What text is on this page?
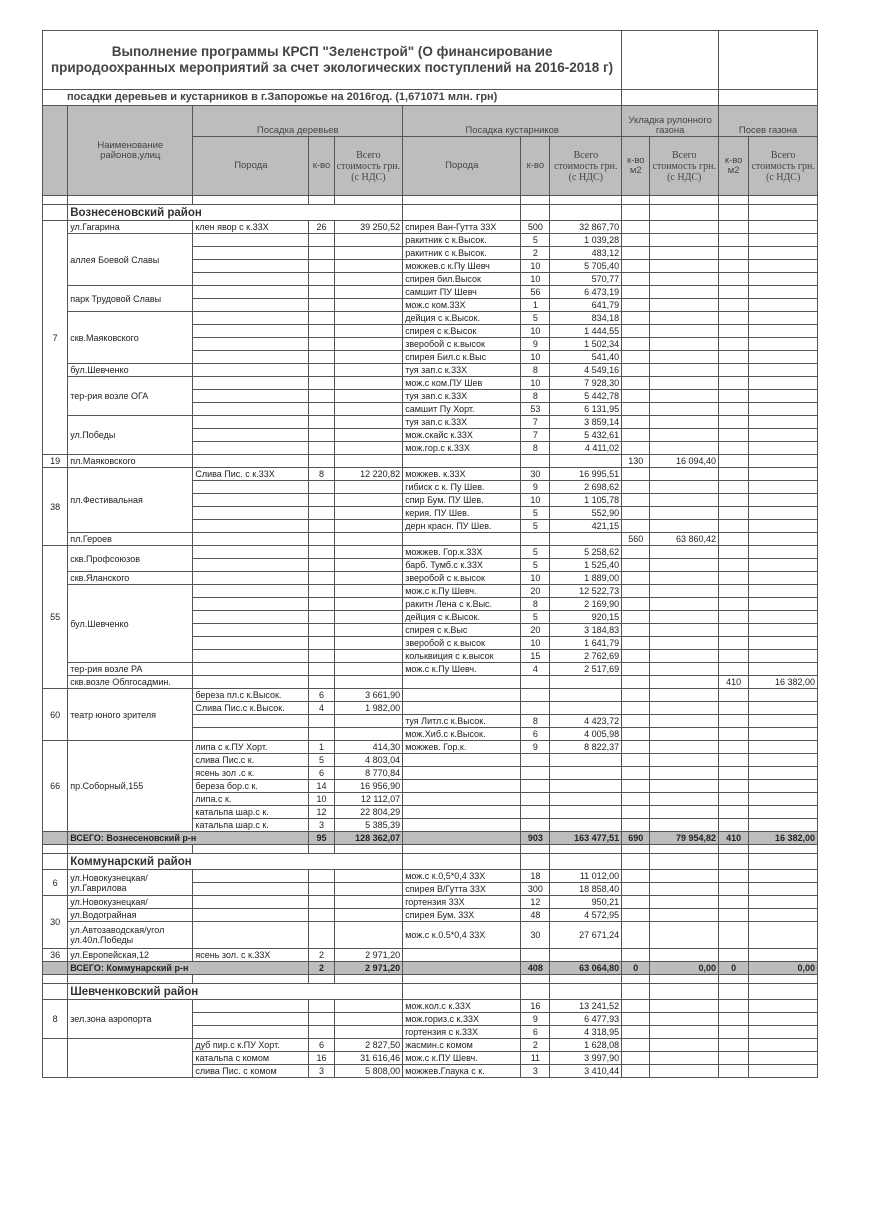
Выполнение программы КРСП "Зеленстрой" (О финансирование природоохранных мероприятий за счет экологических поступлений на 2016-2018 г)											
посадки деревьев и кустарников в г.Запорожье на 2016год. (1,671071 млн. грн)											
	Наименование районов,улиц	Посадка деревьев			Посадка кустарников			Укладка рулонного газона		Посев газона	
		Порода	к-во	Всего стоимость грн. (с НДС)	Порода	к-во	Всего стоимость грн. (с НДС)	к-во м2	Всего стоимость грн. (с НДС)	к-во м2	Всего стоимость грн. (с НДС)

	Вознесеновский район										
7	ул.Гагарина	клен явор с к.33Х	26	39 250,52	спирея Ван-Гутта 33Х	500	32 867,70				
	аллея Боевой Славы				ракитник с к.Высок.	5	1 039,28				
					ракитник с к.Высок.	2	483,12				
					можжев.с к.Пу Шевч	10	5 705,40				
					спирея бил.Высок	10	570,77				
	парк Трудовой Славы				самшит ПУ Шевч	56	6 473,19				
					мож.с ком.33Х	1	641,79				
	скв.Маяковского				дейция с к.Высок.	5	834,18				
					спирея с к.Высок	10	1 444,55				
					зверобой с к.высок	9	1 502,34				
					спирея Бил.с к.Выс	10	541,40				
	бул.Шевченко				туя зап.с к.33Х	8	4 549,16				
	тер-рия возле ОГА				мож.с ком.ПУ Шев	10	7 928,30				
					туя зап.с к.33Х	8	5 442,78				
					самшит Пу Хорт.	53	6 131,95				
	ул.Победы				туя зап.с к.33Х	7	3 859,14				
					мож.скайс к.33Х	7	5 432,61				
					мож.гор.с к.33Х	8	4 411,02				
19	пл.Маяковского							130	16 094,40		
38	пл.Фестивальная	Слива Пис. с к.33Х	8	12 220,82	можжев. к.33Х	30	16 995,51				
					гибиск с к. Пу Шев.	9	2 698,62				
					спир Бум. ПУ Шев.	10	1 105,78				
					керия. ПУ Шев.	5	552,90				
					дерн красн. ПУ Шев.	5	421,15				
	пл.Героев							560	63 860,42		
55	скв.Профсоюзов				можжев. Гор.к.33Х	5	5 258,62				
					барб. Тумб.с к.33Х	5	1 525,40				
	скв.Яланского				зверобой с к.высок	10	1 889,00				
	бул.Шевченко				мож.с к.Пу Шевч.	20	12 522,73				
					ракитн Лена с к.Выс.	8	2 169,90				
					дейция с к.Высок.	5	920,15				
					спирея с к.Выс	20	3 184,83				
					зверобой с к.высок	10	1 641,79				
					кольквиция с к.высок	15	2 762,69				
	тер-рия возле РА				мож.с к.Пу Шевч.	4	2 517,69				
	скв.возле Облгосадмин.									410	16 382,00
60	театр юного зрителя	береза пл.с к.Высок.	6	3 661,90							
		Слива Пис.с к.Высок.	4	1 982,00							
					туя Литл.с к.Высок.	8	4 423,72				
					мож.Хиб.с к.Высок.	6	4 005,98				
66	пр.Соборный,155	липа с к.ПУ Хорт.	1	414,30	можжев. Гор.к.	9	8 822,37				
		слива Пис.с к.	5	4 803,04							
		ясень зол .с к.	6	8 770,84							
		береза бор.с к.	14	16 956,90							
		липа.с к.	10	12 112,07							
		катальпа шар.с к.	12	22 804,29							
		катальпа шар.с к.	3	5 385,39							
	ВСЕГО: Вознесеновский р-н		95	128 362,07		903	163 477,51	690	79 954,82	410	16 382,00

	Коммунарский район										
6	ул.Новокузнецкая/ ул.Гаврилова				мож.с к.0,5*0,4 33Х	18	11 012,00				
					спирея В/Гутта 33Х	300	18 858,40				
30	ул.Новокузнецкая/				гортензия 33Х	12	950,21				
	ул.Водограйная				спирея Бум. 33Х	48	4 572,95				
	ул.Автозаводская/угол ул.40л.Победы				мож.с к.0.5*0,4 33Х	30	27 671,24				
36	ул.Европейская,12	ясень зол. с к.33Х	2	2 971,20							
	ВСЕГО: Коммунарский р-н		2	2 971,20		408	63 064,80	0	0,00	0	0,00

	Шевченковский район										
8	зел.зона аэропорта				мож.кол.с к.33Х	16	13 241,52				
					мож.гориз.с к.33Х	9	6 477,93				
					гортензия с к.33Х	6	4 318,95				
		дуб пир.с к.ПУ Хорт.	6	2 827,50	жасмин.с комом	2	1 628,08				
		катальпа с комом	16	31 616,46	мож.с к.ПУ Шевч.	11	3 997,90				
		слива Пис. с комом	3	5 808,00	можжев.Глаука с к.	3	3 410,44				
